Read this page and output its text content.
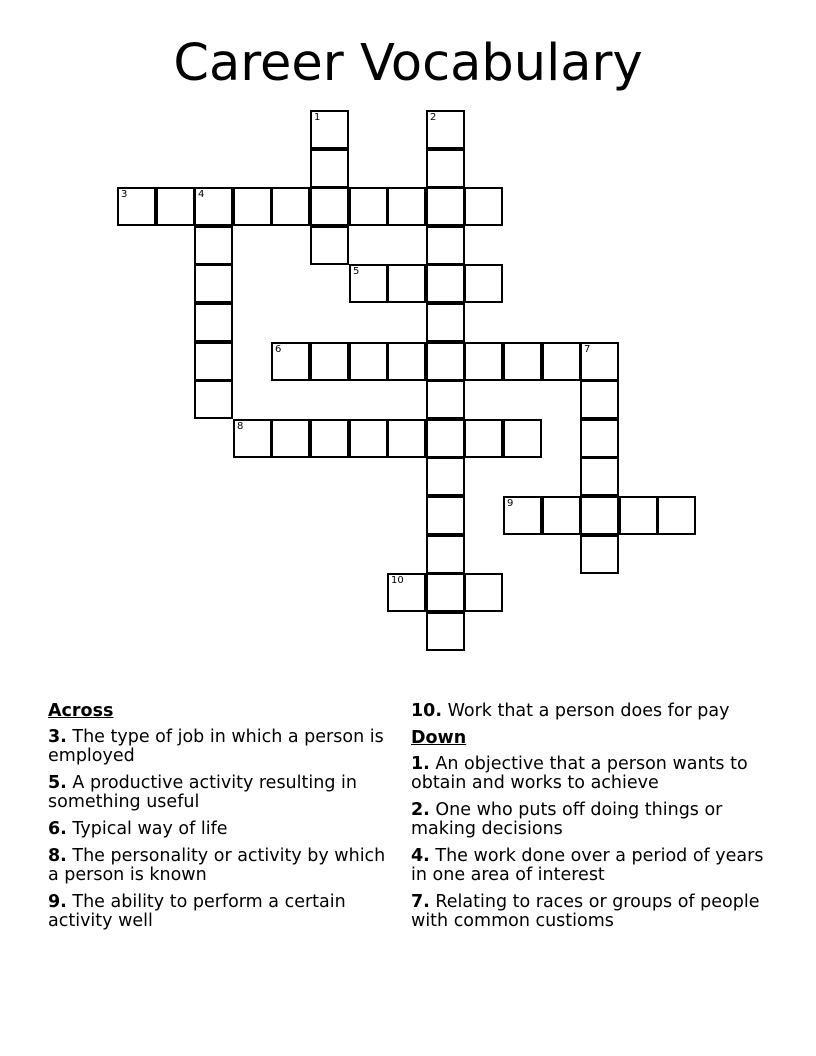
Career Vocabulary
1	2
3	4
5
6	7
8
9
10
Across
3. The type of job in which a person is employed
5. A productive activity resulting in something useful
6. Typical way of life
8. The personality or activity by which a person is known
9. The ability to perform a certain activity well
10. Work that a person does for pay
Down
1. An objective that a person wants to obtain and works to achieve
2. One who puts off doing things or making decisions
4. The work done over a period of years in one area of interest
7. Relating to races or groups of people with common custioms
